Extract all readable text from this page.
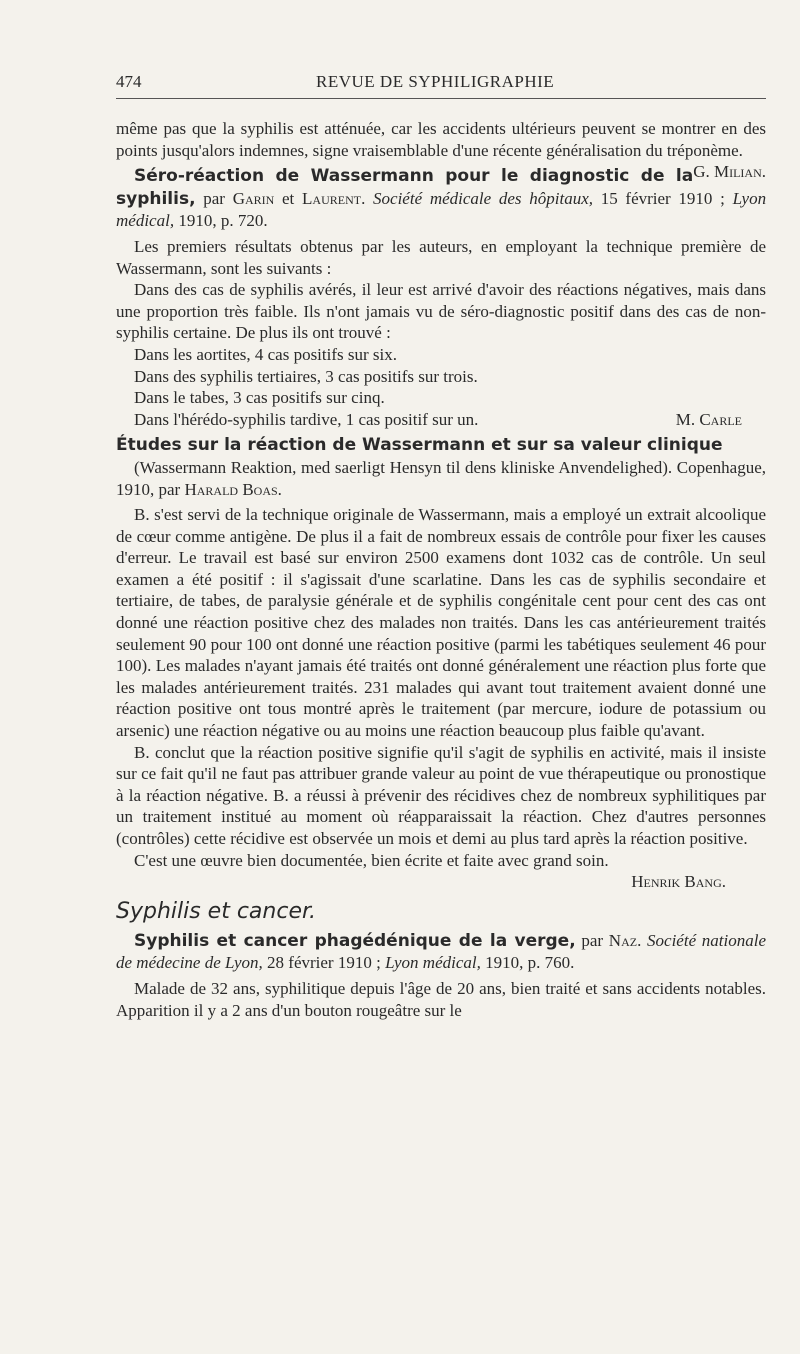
474	REVUE DE SYPHILIGRAPHIE

même pas que la syphilis est atténuée, car les accidents ultérieurs peuvent se montrer en des points jusqu'alors indemnes, signe vraisemblable d'une récente généralisation du tréponème.
G. Milian.

Séro-réaction de Wassermann pour le diagnostic de la syphilis, par Garin et Laurent. Société médicale des hôpitaux, 15 février 1910 ; Lyon médical, 1910, p. 720.

Les premiers résultats obtenus par les auteurs, en employant la technique première de Wassermann, sont les suivants :

Dans des cas de syphilis avérés, il leur est arrivé d'avoir des réactions négatives, mais dans une proportion très faible. Ils n'ont jamais vu de séro-diagnostic positif dans des cas de non-syphilis certaine. De plus ils ont trouvé :

Dans les aortites, 4 cas positifs sur six.

Dans des syphilis tertiaires, 3 cas positifs sur trois.

Dans le tabes, 3 cas positifs sur cinq.

Dans l'hérédo-syphilis tardive, 1 cas positif sur un.	M. Carle

Études sur la réaction de Wassermann et sur sa valeur clinique

(Wassermann Reaktion, med saerligt Hensyn til dens kliniske Anvendelighed). Copenhague, 1910, par Harald Boas.

B. s'est servi de la technique originale de Wassermann, mais a employé un extrait alcoolique de cœur comme antigène. De plus il a fait de nombreux essais de contrôle pour fixer les causes d'erreur. Le travail est basé sur environ 2500 examens dont 1032 cas de contrôle. Un seul examen a été positif : il s'agissait d'une scarlatine. Dans les cas de syphilis secondaire et tertiaire, de tabes, de paralysie générale et de syphilis congénitale cent pour cent des cas ont donné une réaction positive chez des malades non traités. Dans les cas antérieurement traités seulement 90 pour 100 ont donné une réaction positive (parmi les tabétiques seulement 46 pour 100). Les malades n'ayant jamais été traités ont donné généralement une réaction plus forte que les malades antérieurement traités. 231 malades qui avant tout traitement avaient donné une réaction positive ont tous montré après le traitement (par mercure, iodure de potassium ou arsenic) une réaction négative ou au moins une réaction beaucoup plus faible qu'avant.

B. conclut que la réaction positive signifie qu'il s'agit de syphilis en activité, mais il insiste sur ce fait qu'il ne faut pas attribuer grande valeur au point de vue thérapeutique ou pronostique à la réaction négative. B. a réussi à prévenir des récidives chez de nombreux syphilitiques par un traitement institué au moment où réapparaissait la réaction. Chez d'autres personnes (contrôles) cette récidive est observée un mois et demi au plus tard après la réaction positive.

C'est une œuvre bien documentée, bien écrite et faite avec grand soin.

Henrik Bang.

Syphilis et cancer.

Syphilis et cancer phagédénique de la verge, par Naz. Société nationale de médecine de Lyon, 28 février 1910 ; Lyon médical, 1910, p. 760.

Malade de 32 ans, syphilitique depuis l'âge de 20 ans, bien traité et sans accidents notables. Apparition il y a 2 ans d'un bouton rougeâtre sur le
